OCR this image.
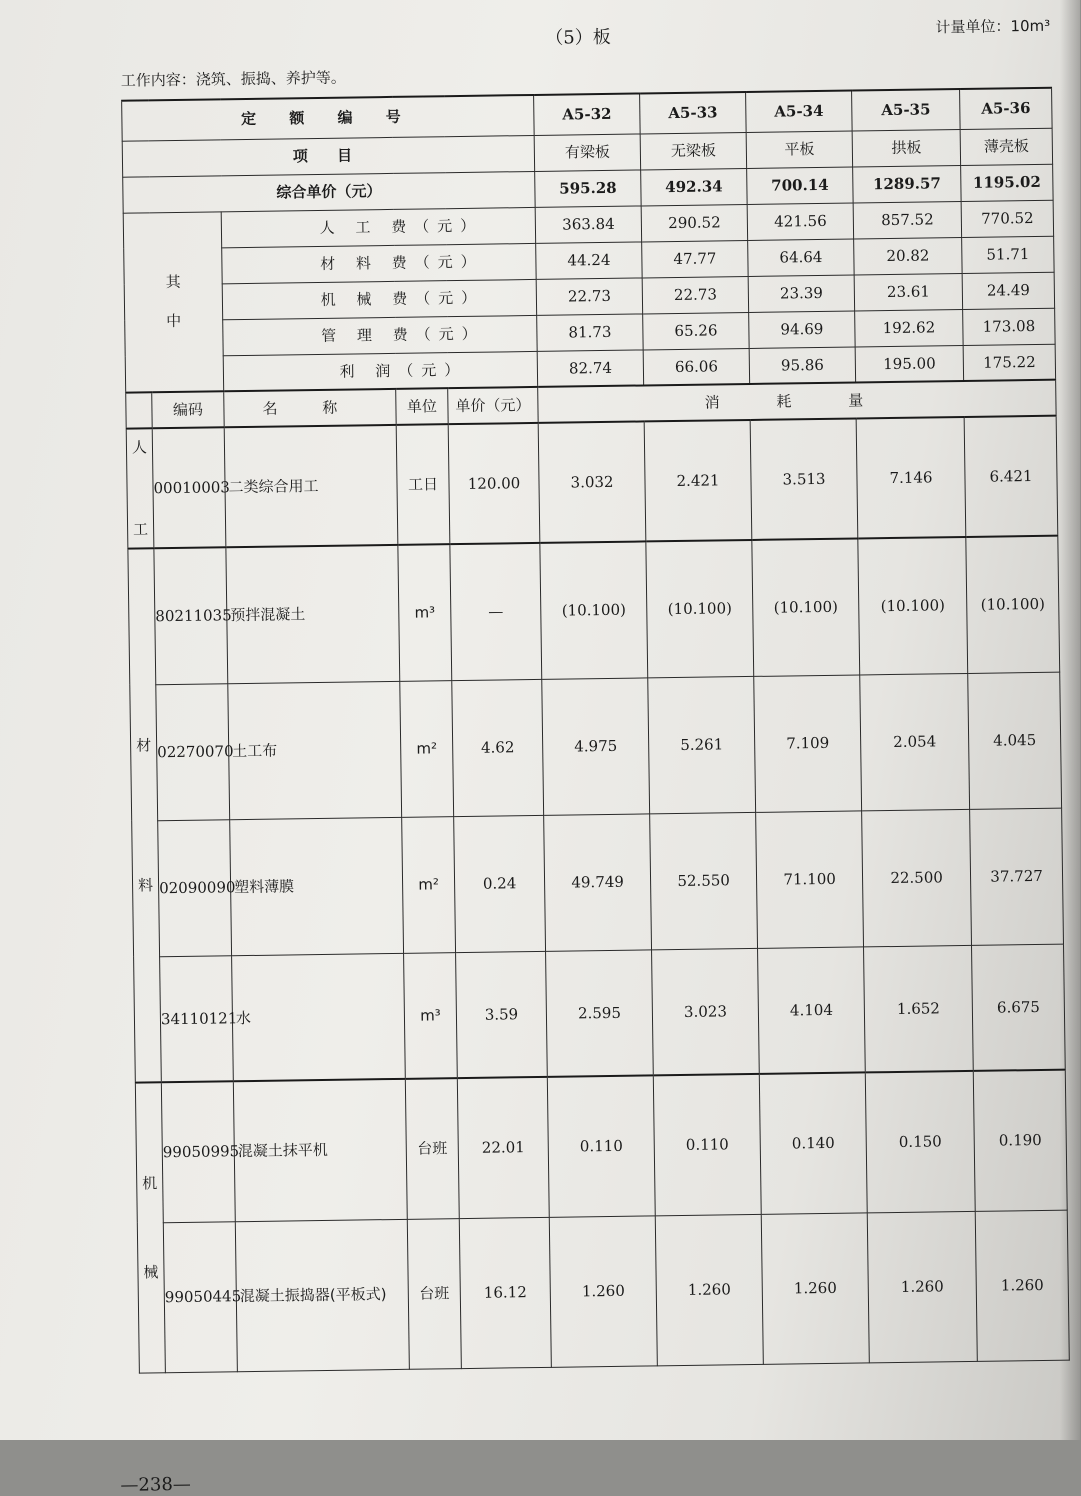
（5）板
计量单位：10m³
工作内容：浇筑、振捣、养护等。
定 额 编 号					A5-32	A5-33	A5-34	A5-35	A5-36
项 目					有梁板	无梁板	平板	拱板	薄壳板
综合单价（元）					595.28	492.34	700.14	1289.57	1195.02
其中		人 工 费（元）			363.84	290.52	421.56	857.52	770.52
		材 料 费（元）			44.24	47.77	64.64	20.82	51.71
		机 械 费（元）			22.73	22.73	23.39	23.61	24.49
		管 理 费（元）			81.73	65.26	94.69	192.62	173.08
		利 润（元）			82.74	66.06	95.86	195.00	175.22
	编码	名 称	单位	单价（元）	消 耗 量				

人
工	00010003	二类综合用工	工日	120.00	3.032	2.421	3.513	7.146	6.421

材
料	80211035	预拌混凝土	m³	—	(10.100)	(10.100)	(10.100)	(10.100)	(10.100)
	02270070	土工布	m²	4.62	4.975	5.261	7.109	2.054	4.045
	02090090	塑料薄膜	m²	0.24	49.749	52.550	71.100	22.500	37.727
	34110121	水	m³	3.59	2.595	3.023	4.104	1.652	6.675

机
械	99050995	混凝土抹平机	台班	22.01	0.110	0.110	0.140	0.150	0.190
	99050445	混凝土振捣器(平板式)	台班	16.12	1.260	1.260	1.260	1.260	1.260
—238—
